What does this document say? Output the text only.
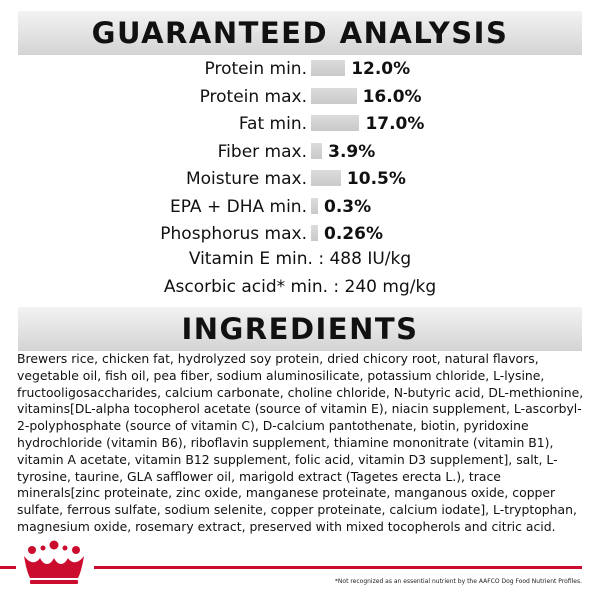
GUARANTEED ANALYSIS
Protein min.	12.0%
Protein max.	16.0%
Fat min.	17.0%
Fiber max. 3.9%
Moisture max. 10.5%
EPA + DHA min. 0.3%
Phosphorus max. 0.26%
Vitamin E min. : 488 IU/kg
Ascorbic acid* min. : 240 mg/kg
INGREDIENTS
Brewers rice, chicken fat, hydrolyzed soy protein, dried chicory root, natural flavors, vegetable oil, fish oil, pea fiber, sodium aluminosilicate, potassium chloride, L-lysine, fructooligosaccharides, calcium carbonate, choline chloride, N-butyric acid, DL-methionine, vitamins[DL-alpha tocopherol acetate (source of vitamin E), niacin supplement, L-ascorbyl-2-polyphosphate (source of vitamin C), D-calcium pantothenate, biotin, pyridoxine hydrochloride (vitamin B6), riboflavin supplement, thiamine mononitrate (vitamin B1), vitamin A acetate, vitamin B12 supplement, folic acid, vitamin D3 supplement], salt, L-tyrosine, taurine, GLA safflower oil, marigold extract (Tagetes erecta L.), trace minerals[zinc proteinate, zinc oxide, manganese proteinate, manganous oxide, copper sulfate, ferrous sulfate, sodium selenite, copper proteinate, calcium iodate], L-tryptophan, magnesium oxide, rosemary extract, preserved with mixed tocopherols and citric acid.
*Not recognized as an essential nutrient by the AAFCO Dog Food Nutrient Profiles.
